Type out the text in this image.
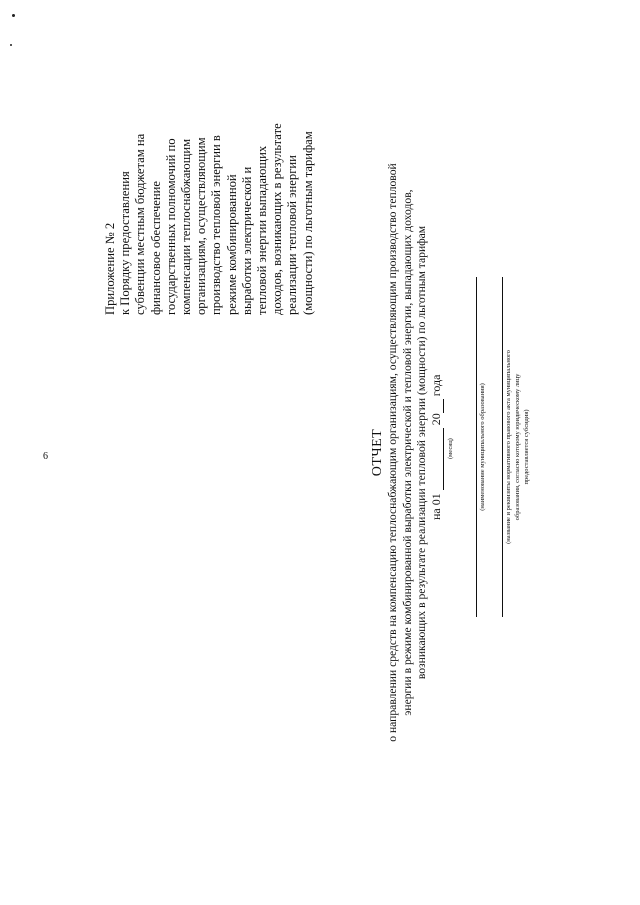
6
Приложение № 2 к Порядку предоставления субвенции местным бюджетам на финансовое обеспечение государственных полномочий по компенсации теплоснабжающим организациям, осуществляющим производство тепловой энергии в режиме комбинированной выработки электрической и тепловой энергии выпадающих доходов, возникающих в результате реализации тепловой энергии (мощности) по льготным тарифам
ОТЧЕТ о направлении средств на компенсацию теплоснабжающим организациям, осуществляющим производство тепловой энергии в режиме комбинированной выработки электрической и тепловой энергии, выпадающих доходов, возникающих в результате реализации тепловой энергии (мощности) по льготным тарифам на 01  20 года
(месяц)	(наименование муниципального образования)	(название и реквизиты нормативного правового акта муниципального образования, согласно которому юридическому лицу предоставляется субсидия)
